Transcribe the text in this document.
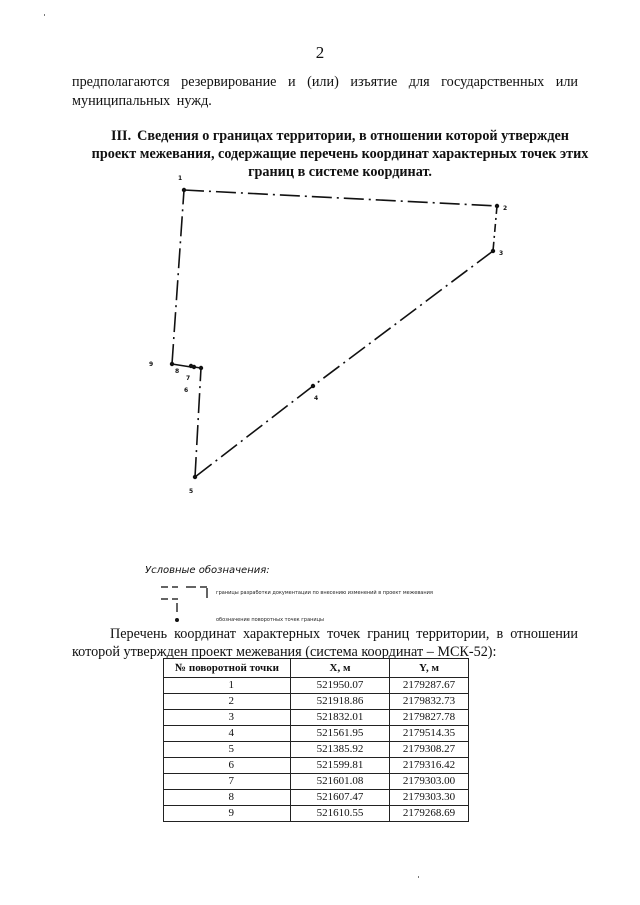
2
предполагаются резервирование и (или) изъятие для государственных или муниципальных нужд.
III. Сведения о границах территории, в отношении которой утвержден проект межевания, содержащие перечень координат характерных точек этих границ в системе координат.
1
2
3
4
5
6
7
8
9
Условные обозначения:
границы разработки документации по внесению изменений в проект межевания
обозначение поворотных точек границы
Перечень координат характерных точек границ территории, в отношении которой утвержден проект межевания (система координат – МСК-52):
№ поворотной точки	X, м	Y, м
1	521950.07	2179287.67
2	521918.86	2179832.73
3	521832.01	2179827.78
4	521561.95	2179514.35
5	521385.92	2179308.27
6	521599.81	2179316.42
7	521601.08	2179303.00
8	521607.47	2179303.30
9	521610.55	2179268.69
